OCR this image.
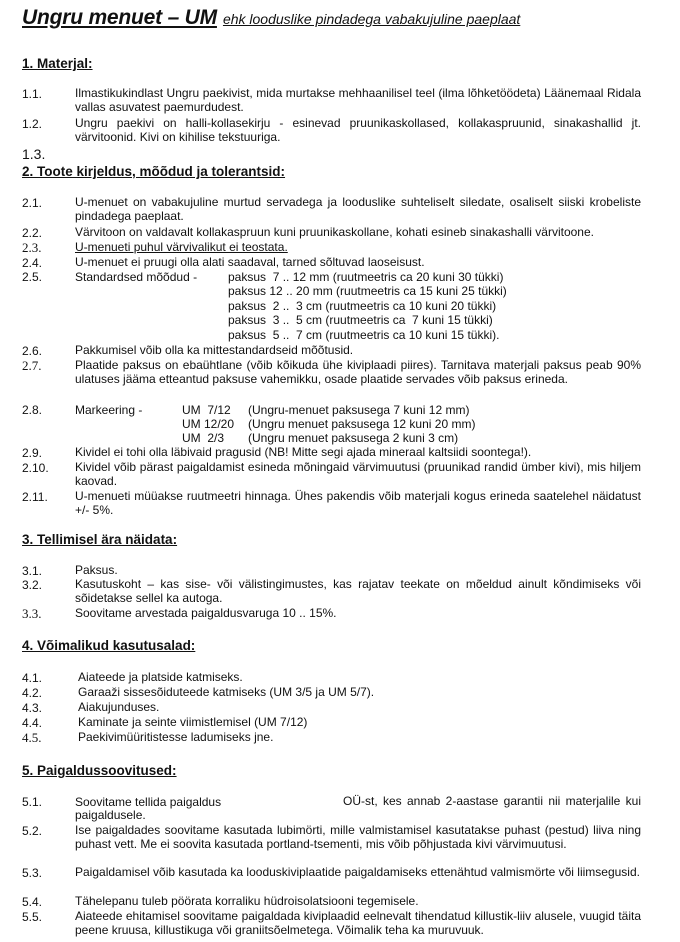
Ungru menuet – UM ehk looduslike pindadega vabakujuline paeplaat
1. Materjal:
1.1.	Ilmastikukindlast Ungru paekivist, mida murtakse mehhaanilisel teel (ilma lõhketöödeta) Läänemaal Ridala vallas asuvatest paemurdudest.
1.2.	Ungru paekivi on halli-kollasekirju - esinevad pruunikaskollased, kollakaspruunid, sinakashallid jt. värvitoonid. Kivi on kihilise tekstuuriga.
1.3.
2. Toote kirjeldus, mõõdud ja tolerantsid:
2.1.	U-menuet on vabakujuline murtud servadega ja looduslike suhteliselt siledate, osaliselt siiski krobeliste pindadega paeplaat.
2.2.	Värvitoon on valdavalt kollakaspruun kuni pruunikaskollane, kohati esineb sinakashalli värvitoone.
2.3.	U-menueti puhul värvivalikut ei teostata.
2.4.	U-menuet ei pruugi olla alati saadaval, tarned sõltuvad laoseisust.
2.5.	Standardsed mõõdud -	paksus  7 .. 12 mm (ruutmeetris ca 20 kuni 30 tükki)
paksus 12 .. 20 mm (ruutmeetris ca 15 kuni 25 tükki)
paksus  2 ..  3 cm (ruutmeetris ca 10 kuni 20 tükki)
paksus  3 ..  5 cm (ruutmeetris ca  7 kuni 15 tükki)
paksus  5 ..  7 cm (ruutmeetris ca 10 kuni 15 tükki).
2.6.	Pakkumisel võib olla ka mittestandardseid mõõtusid.
2.7.	Plaatide paksus on ebaühtlane (võib kõikuda ühe kiviplaadi piires). Tarnitava materjali paksus peab 90% ulatuses jääma etteantud paksuse vahemikku, osade plaatide servades võib paksus erineda.
2.8.	Markeering -	UM  7/12 (Ungru-menuet paksusega 7 kuni 12 mm)
UM 12/20 (Ungru menuet paksusega 12 kuni 20 mm)
UM  2/3 (Ungru menuet paksusega 2 kuni 3 cm)
2.9.	Kividel ei tohi olla läbivaid pragusid (NB! Mitte segi ajada mineraal kaltsiidi soontega!).
2.10. Kividel võib pärast paigaldamist esineda mõningaid värvimuutusi (pruunikad randid ümber kivi), mis hiljem kaovad.
2.11. U-menueti müüakse ruutmeetri hinnaga. Ühes pakendis võib materjali kogus erineda saatelehel näidatust +/- 5%.
3. Tellimisel ära näidata:
3.1.	Paksus.
3.2.	Kasutuskoht – kas sise- või välistingimustes, kas rajatav teekate on mõeldud ainult kõndimiseks või sõidetakse sellel ka autoga.
3.3.	Soovitame arvestada paigaldusvaruga 10 .. 15%.
4. Võimalikud kasutusalad:
4.1.	Aiateede ja platside katmiseks.
4.2.	Garaaži sissesõiduteede katmiseks (UM 3/5 ja UM 5/7).
4.3.	Aiakujunduses.
4.4.	Kaminate ja seinte viimistlemisel (UM 7/12)
4.5.	Paekivimüüritistesse ladumiseks jne.
5. Paigaldussoovitused:
5.1.	Soovitame tellida paigaldus	OÜ-st, kes annab 2-aastase garantii nii materjalile kui paigaldusele.
5.2.	Ise paigaldades soovitame kasutada lubimörti, mille valmistamisel kasutatakse puhast (pestud) liiva ning puhast vett. Me ei soovita kasutada portland-tsementi, mis võib põhjustada kivi värvimuutusi.
5.3.	Paigaldamisel võib kasutada ka looduskiviplaatide paigaldamiseks ettenähtud valmismörte või liimsegusid.
5.4.	Tähelepanu tuleb pöörata korraliku hüdroisolatsiooni tegemisele.
5.5.	Aiateede ehitamisel soovitame paigaldada kiviplaadid eelnevalt tihendatud killustik-liiv alusele, vuugid täita peene kruusa, killustikuga või graniitsõelmetega. Võimalik teha ka muruvuuk.
